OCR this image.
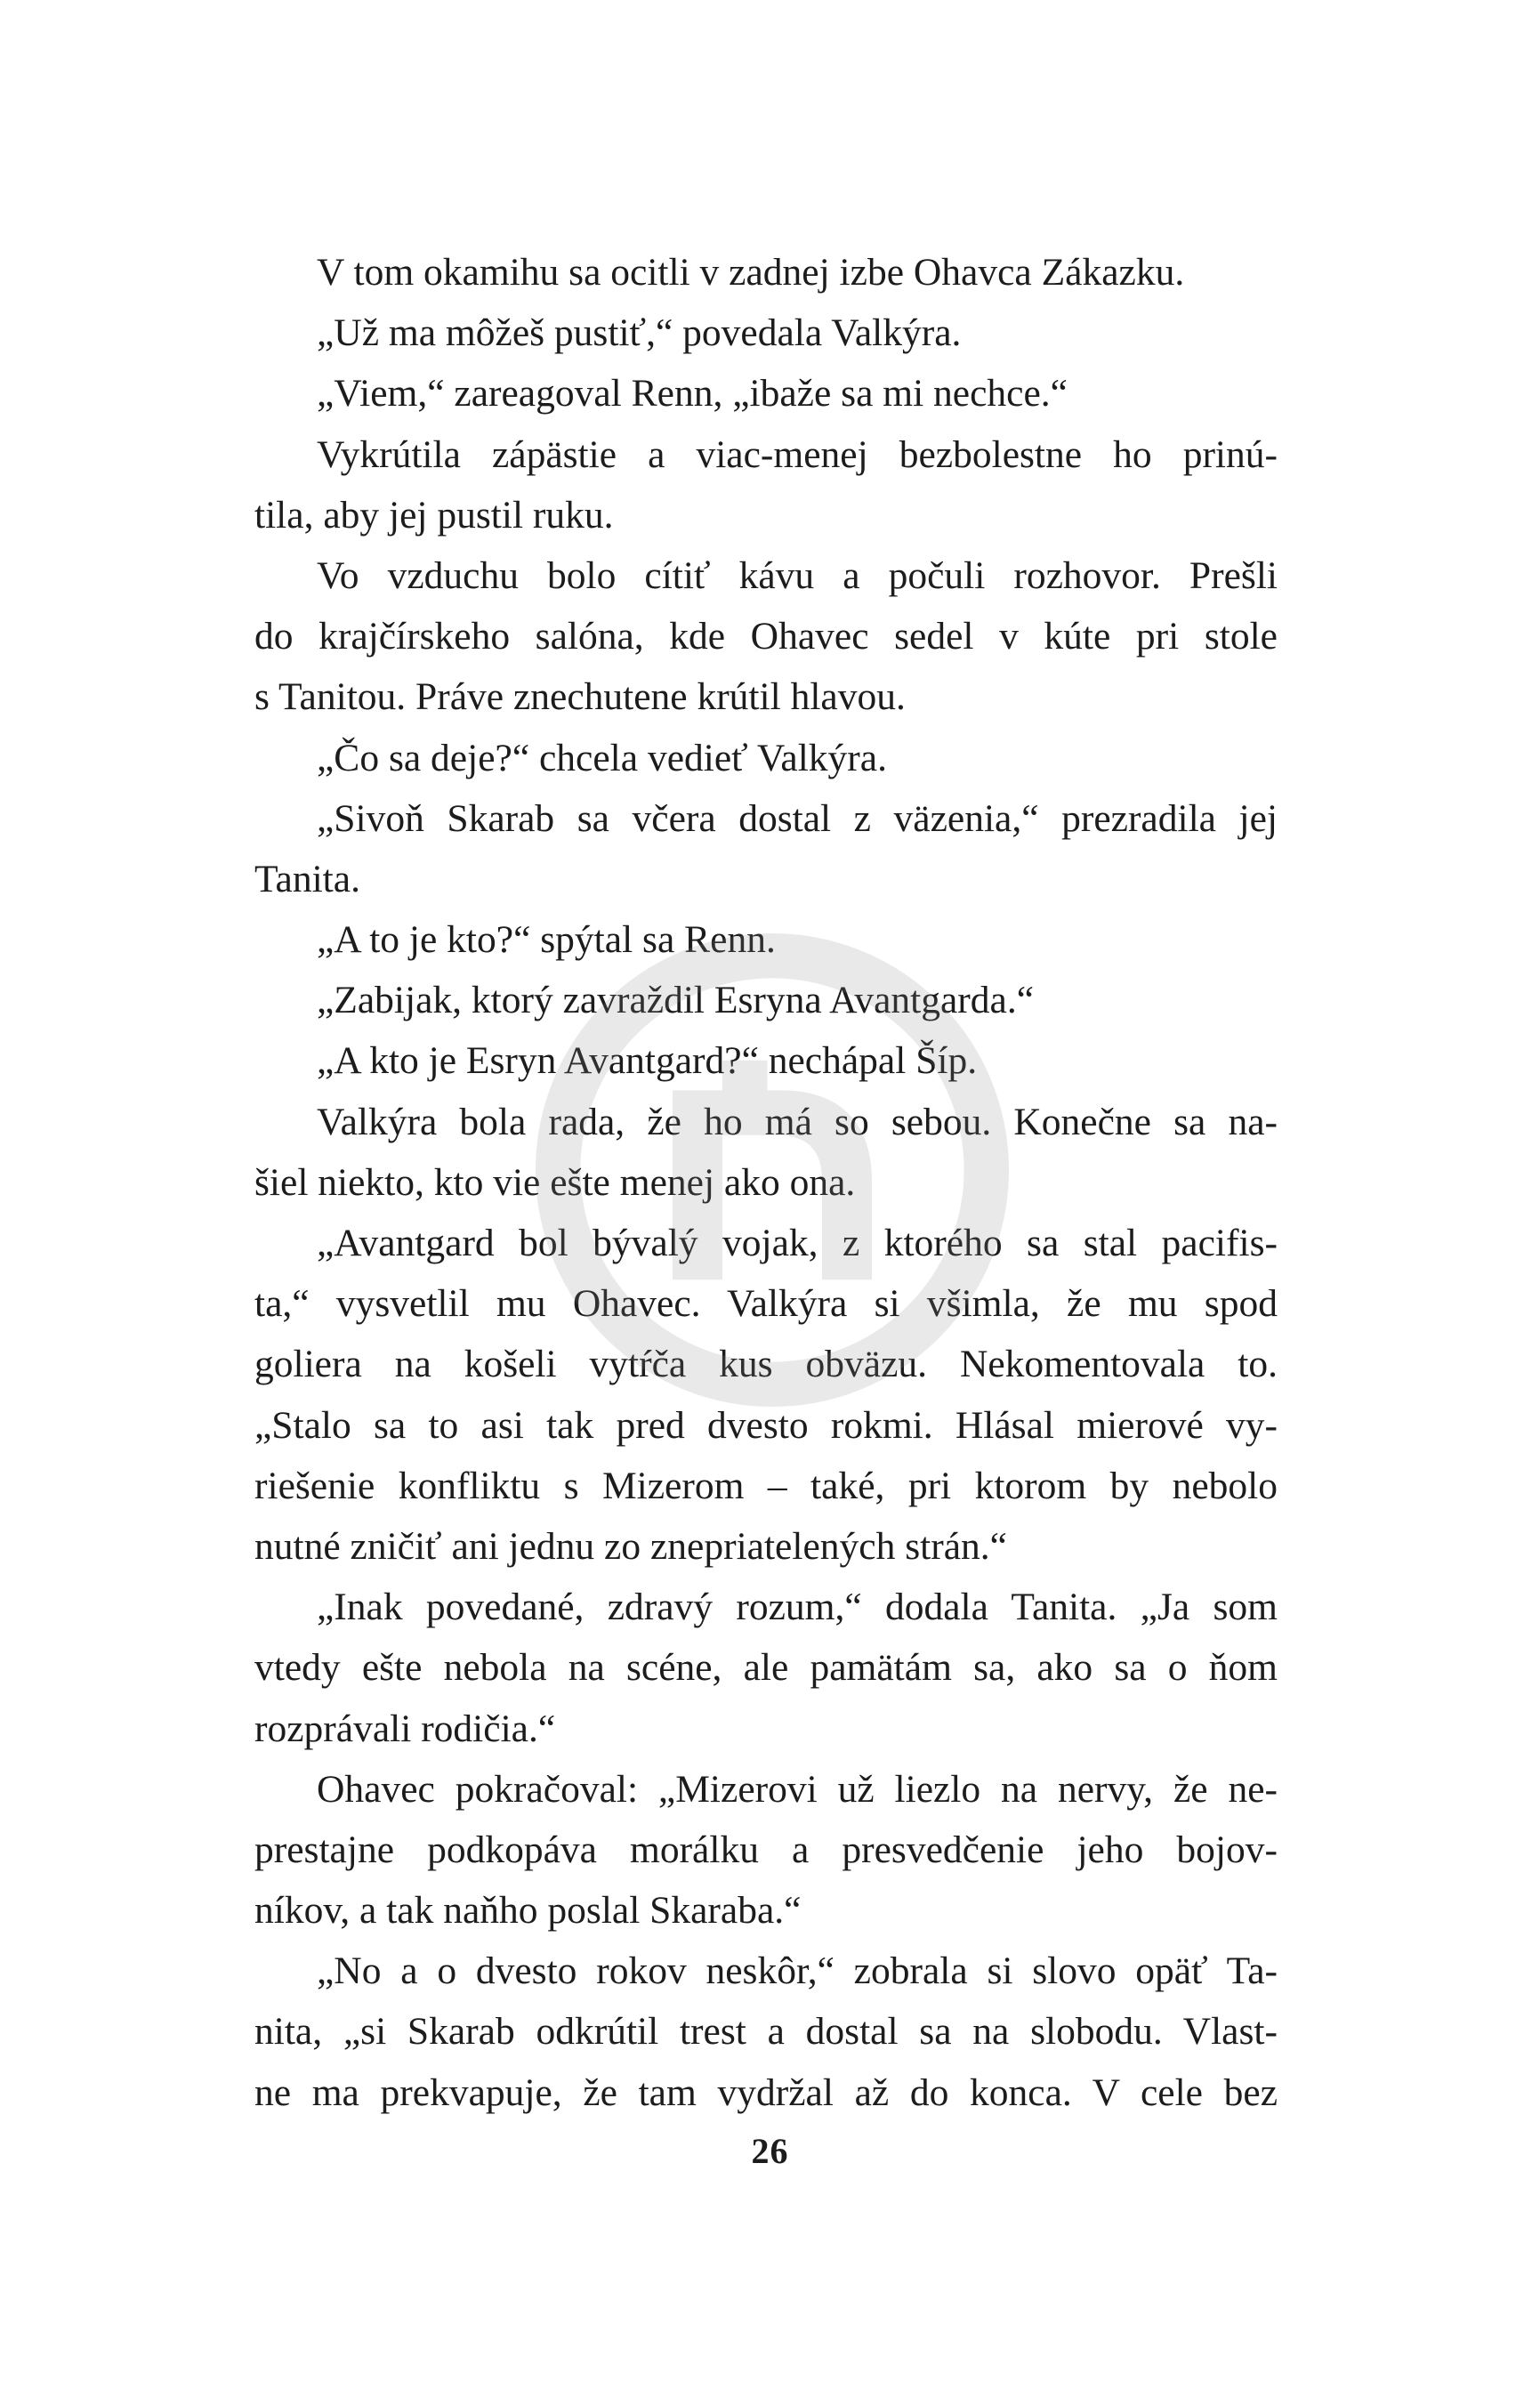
V tom okamihu sa ocitli v zadnej izbe Ohavca Zákazku.
„Už ma môžeš pustiť,“ povedala Valkýra.
„Viem,“ zareagoval Renn, „ibaže sa mi nechce.“
Vykrútila zápästie a viac-menej bezbolestne ho prinú-
tila, aby jej pustil ruku.
Vo vzduchu bolo cítiť kávu a počuli rozhovor. Prešli
do krajčírskeho salóna, kde Ohavec sedel v kúte pri stole
s Tanitou. Práve znechutene krútil hlavou.
„Čo sa deje?“ chcela vedieť Valkýra.
„Sivoň Skarab sa včera dostal z väzenia,“ prezradila jej
Tanita.
„A to je kto?“ spýtal sa Renn.
„Zabijak, ktorý zavraždil Esryna Avantgarda.“
„A kto je Esryn Avantgard?“ nechápal Šíp.
Valkýra bola rada, že ho má so sebou. Konečne sa na-
šiel niekto, kto vie ešte menej ako ona.
„Avantgard bol bývalý vojak, z ktorého sa stal pacifis-
ta,“ vysvetlil mu Ohavec. Valkýra si všimla, že mu spod
goliera na košeli vytŕča kus obväzu. Nekomentovala to.
„Stalo sa to asi tak pred dvesto rokmi. Hlásal mierové vy-
riešenie konfliktu s Mizerom – také, pri ktorom by nebolo
nutné zničiť ani jednu zo znepriatelených strán.“
„Inak povedané, zdravý rozum,“ dodala Tanita. „Ja som
vtedy ešte nebola na scéne, ale pamätám sa, ako sa o ňom
rozprávali rodičia.“
Ohavec pokračoval: „Mizerovi už liezlo na nervy, že ne-
prestajne podkopáva morálku a presvedčenie jeho bojov-
níkov, a tak naňho poslal Skaraba.“
„No a o dvesto rokov neskôr,“ zobrala si slovo opäť Ta-
nita, „si Skarab odkrútil trest a dostal sa na slobodu. Vlast-
ne ma prekvapuje, že tam vydržal až do konca. V cele bez
26
